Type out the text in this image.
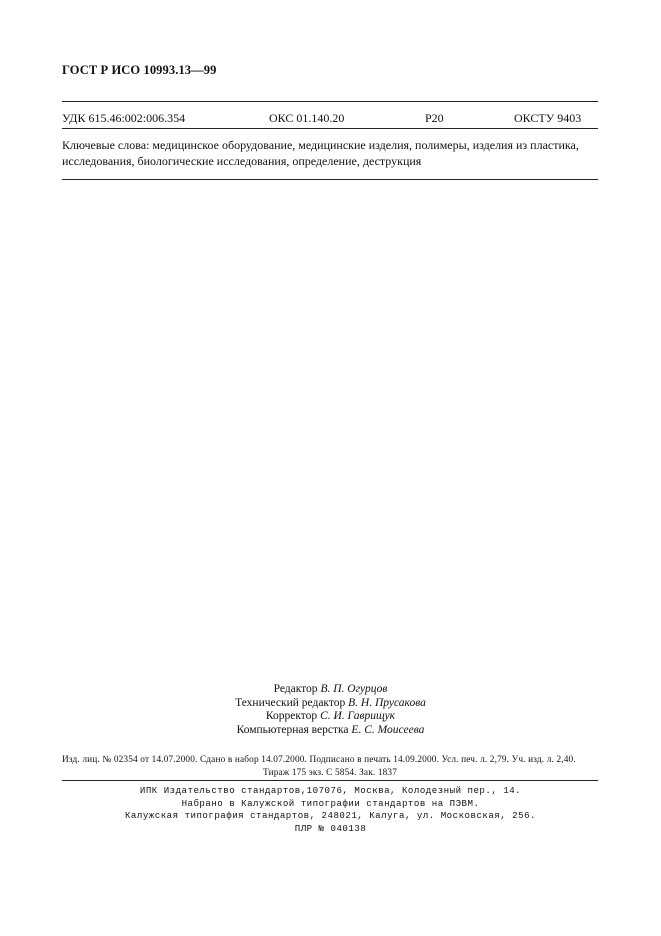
ГОСТ Р ИСО 10993.13—99
УДК 615.46:002:006.354	ОКС 01.140.20	Р20	ОКСТУ 9403
Ключевые слова: медицинское оборудование, медицинские изделия, полимеры, изделия из пластика, исследования, биологические исследования, определение, деструкция
Редактор В. П. Огурцов
Технический редактор В. Н. Прусакова
Корректор С. И. Гаврищук
Компьютерная верстка Е. С. Моисеева
Изд. лиц. № 02354 от 14.07.2000. Сдано в набор 14.07.2000. Подписано в печать 14.09.2000. Усл. печ. л. 2,79. Уч. изд. л. 2,40.
Тираж 175 экз. С 5854. Зак. 1837
ИПК Издательство стандартов,107076, Москва, Колодезный пер., 14.
Набрано в Калужской типографии стандартов на ПЭВМ.
Калужская типография стандартов, 248021, Калуга, ул. Московская, 256.
ПЛР № 040138
